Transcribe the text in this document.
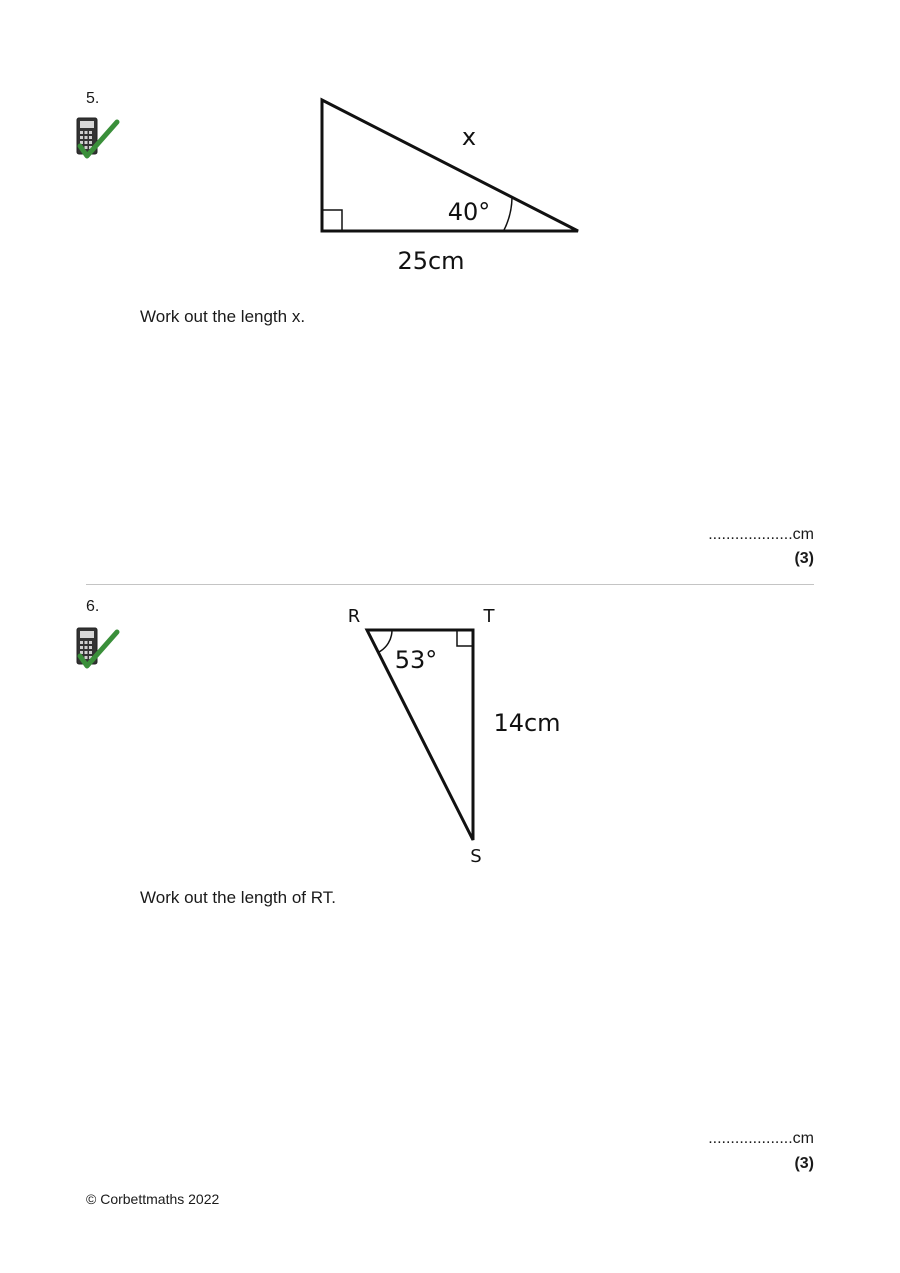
5.
x
40°
25cm
Work out the length x.
...................cm
(3)
6.	R	T
S
53°
14cm
Work out the length of RT.
...................cm
(3)
© Corbettmaths 2022
